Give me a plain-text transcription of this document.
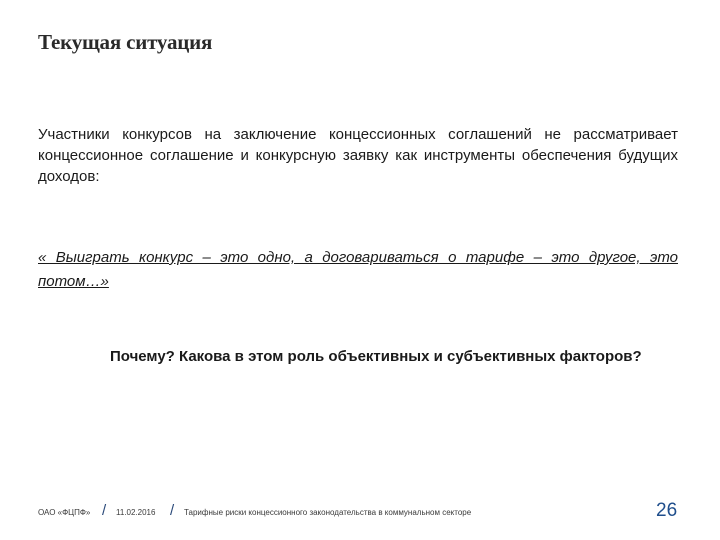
Текущая ситуация
Участники конкурсов на заключение концессионных соглашений не рассматривает концессионное соглашение и конкурсную заявку как инструменты обеспечения будущих доходов:
« Выиграть конкурс – это одно, а договариваться о тарифе – это другое, это потом…»
Почему? Какова в этом роль объективных и субъективных факторов?
ОАО «ФЦПФ» / 11.02.2016 / Тарифные риски концессионного законодательства в коммунальном секторе	26
